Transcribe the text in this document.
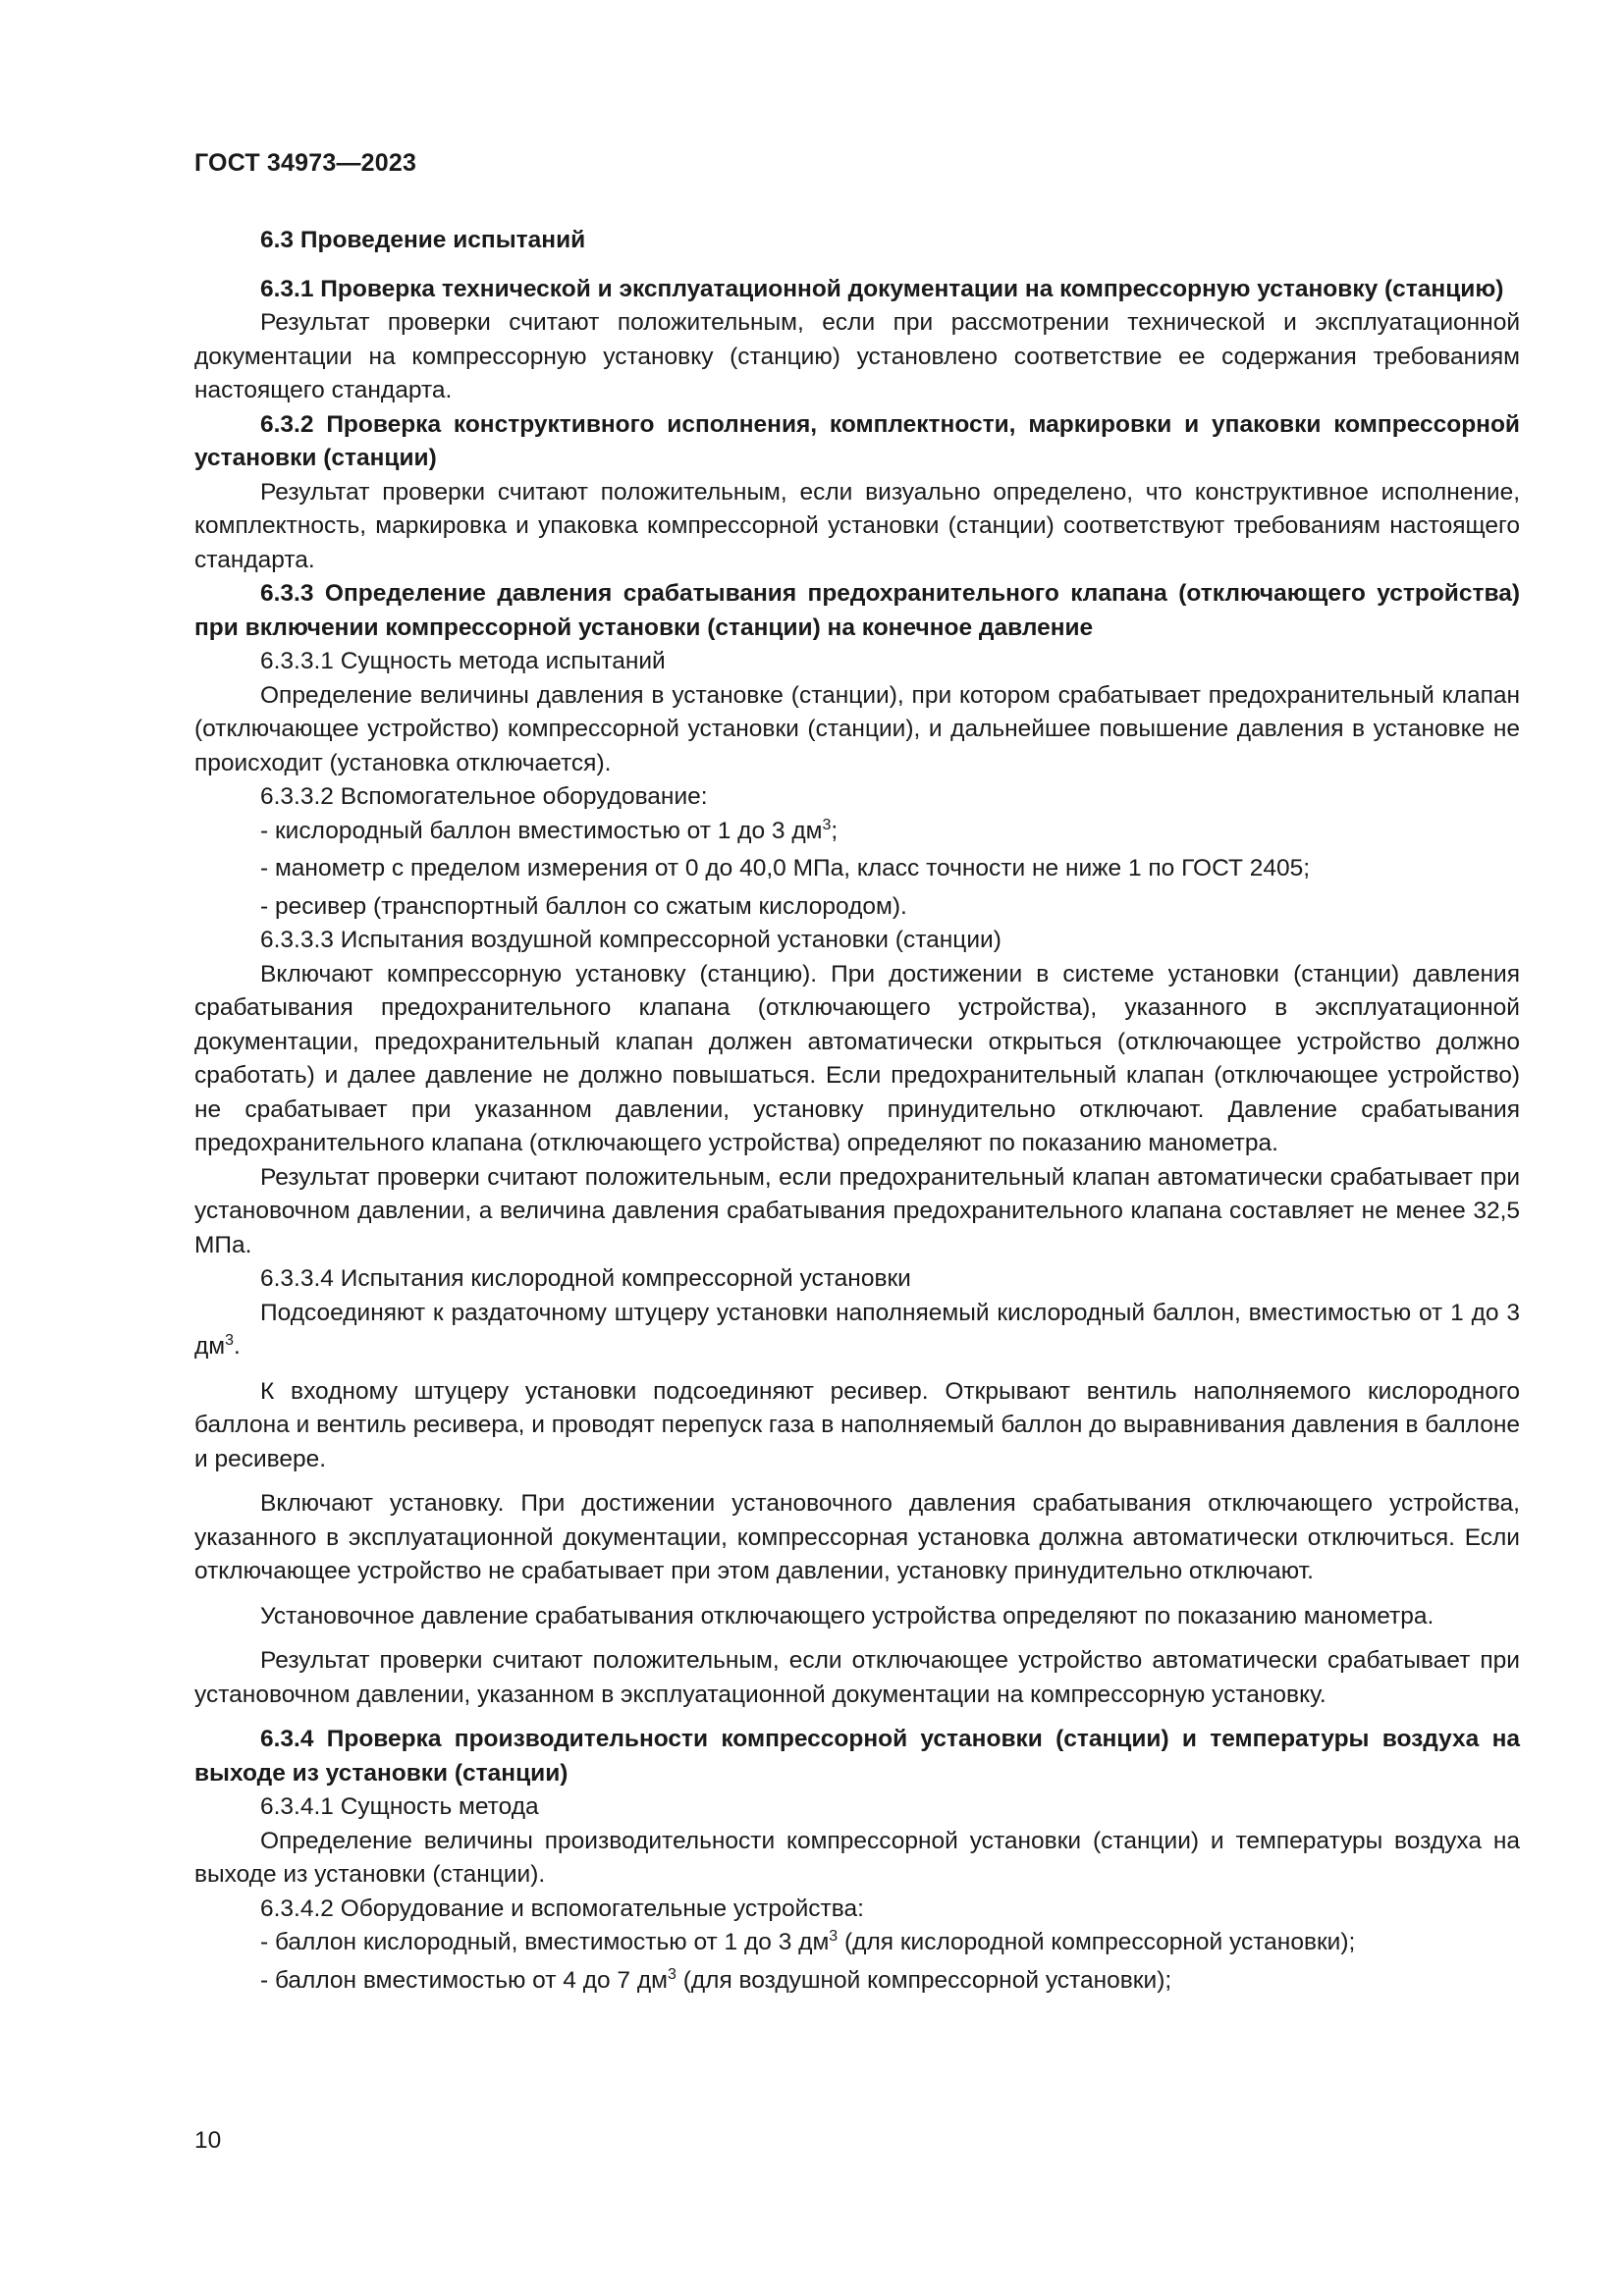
ГОСТ 34973—2023

6.3 Проведение испытаний

6.3.1 Проверка технической и эксплуатационной документации на компрессорную установку (станцию)

Результат проверки считают положительным, если при рассмотрении технической и эксплуатационной документации на компрессорную установку (станцию) установлено соответствие ее содержания требованиям настоящего стандарта.

6.3.2 Проверка конструктивного исполнения, комплектности, маркировки и упаковки компрессорной установки (станции)

Результат проверки считают положительным, если визуально определено, что конструктивное исполнение, комплектность, маркировка и упаковка компрессорной установки (станции) соответствуют требованиям настоящего стандарта.

6.3.3 Определение давления срабатывания предохранительного клапана (отключающего устройства) при включении компрессорной установки (станции) на конечное давление

6.3.3.1 Сущность метода испытаний

Определение величины давления в установке (станции), при котором срабатывает предохранительный клапан (отключающее устройство) компрессорной установки (станции), и дальнейшее повышение давления в установке не происходит (установка отключается).

6.3.3.2 Вспомогательное оборудование:

- кислородный баллон вместимостью от 1 до 3 $дм^3$;

- манометр с пределом измерения от 0 до 40,0 МПа, класс точности не ниже 1 по ГОСТ 2405;

- ресивер (транспортный баллон со сжатым кислородом).

6.3.3.3 Испытания воздушной компрессорной установки (станции)

Включают компрессорную установку (станцию). При достижении в системе установки (станции) давления срабатывания предохранительного клапана (отключающего устройства), указанного в эксплуатационной документации, предохранительный клапан должен автоматически открыться (отключающее устройство должно сработать) и далее давление не должно повышаться. Если предохранительный клапан (отключающее устройство) не срабатывает при указанном давлении, установку принудительно отключают. Давление срабатывания предохранительного клапана (отключающего устройства) определяют по показанию манометра.

Результат проверки считают положительным, если предохранительный клапан автоматически срабатывает при установочном давлении, а величина давления срабатывания предохранительного клапана составляет не менее 32,5 МПа.

6.3.3.4 Испытания кислородной компрессорной установки

Подсоединяют к раздаточному штуцеру установки наполняемый кислородный баллон, вместимостью от 1 до 3 $дм^3$.

К входному штуцеру установки подсоединяют ресивер. Открывают вентиль наполняемого кислородного баллона и вентиль ресивера, и проводят перепуск газа в наполняемый баллон до выравнивания давления в баллоне и ресивере.

Включают установку. При достижении установочного давления срабатывания отключающего устройства, указанного в эксплуатационной документации, компрессорная установка должна автоматически отключиться. Если отключающее устройство не срабатывает при этом давлении, установку принудительно отключают.

Установочное давление срабатывания отключающего устройства определяют по показанию манометра.

Результат проверки считают положительным, если отключающее устройство автоматически срабатывает при установочном давлении, указанном в эксплуатационной документации на компрессорную установку.

6.3.4 Проверка производительности компрессорной установки (станции) и температуры воздуха на выходе из установки (станции)

6.3.4.1 Сущность метода

Определение величины производительности компрессорной установки (станции) и температуры воздуха на выходе из установки (станции).

6.3.4.2 Оборудование и вспомогательные устройства:

- баллон кислородный, вместимостью от 1 до 3 $дм^3$ (для кислородной компрессорной установки);

- баллон вместимостью от 4 до 7 $дм^3$ (для воздушной компрессорной установки);

10
